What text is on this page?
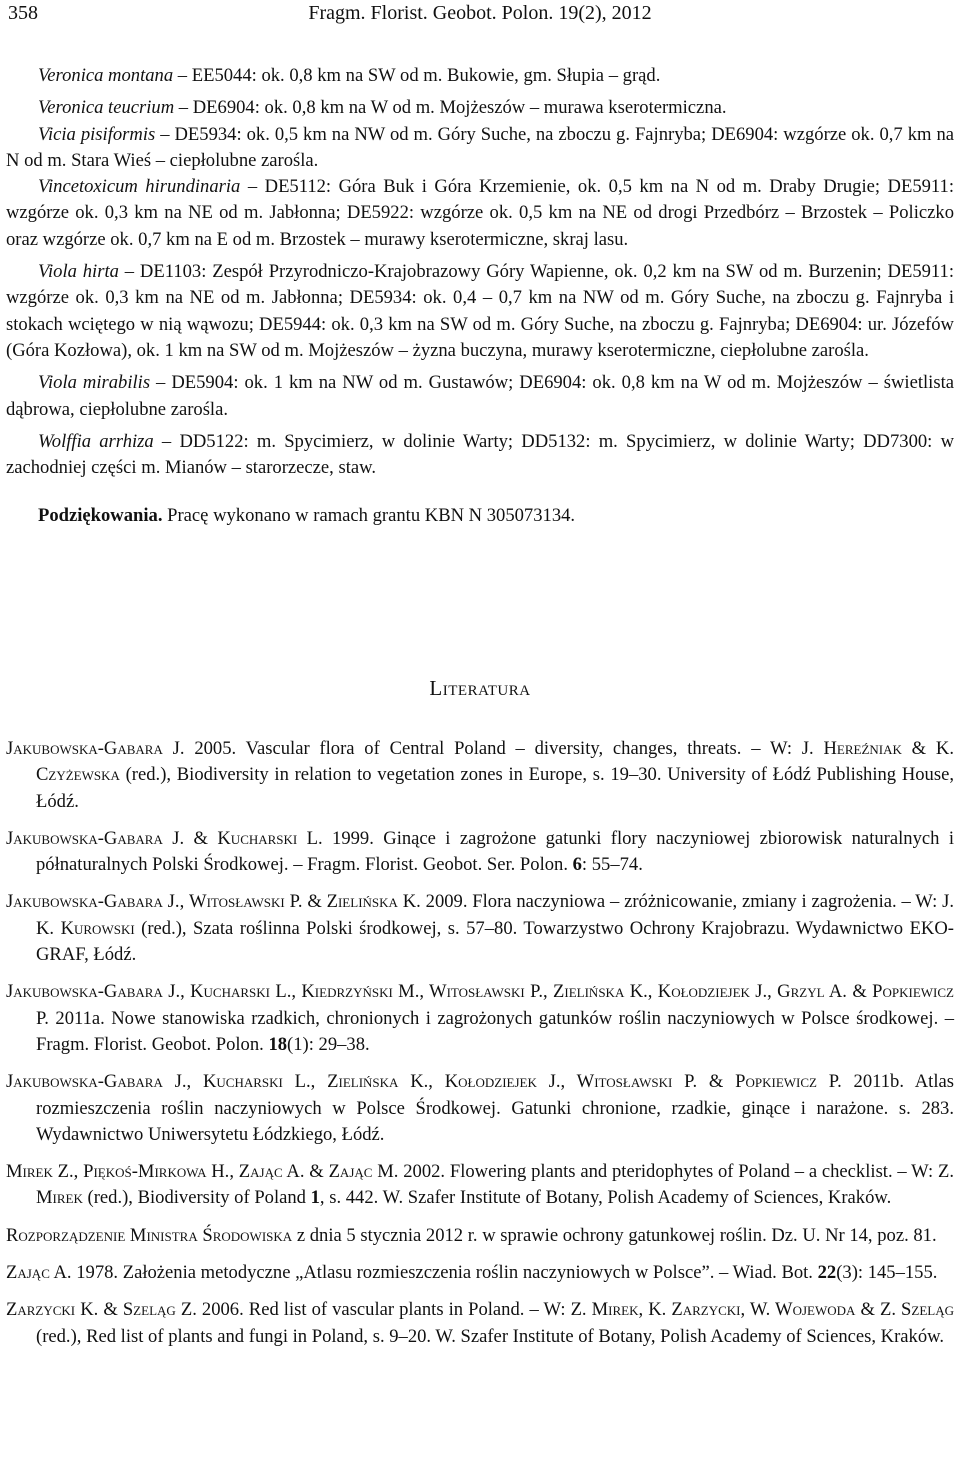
358	Fragm. Florist. Geobot. Polon. 19(2), 2012

Veronica montana – EE5044: ok. 0,8 km na SW od m. Bukowie, gm. Słupia – grąd.

Veronica teucrium – DE6904: ok. 0,8 km na W od m. Mojżeszów – murawa kserotermiczna.

Vicia pisiformis – DE5934: ok. 0,5 km na NW od m. Góry Suche, na zboczu g. Fajnryba; DE6904: wzgórze ok. 0,7 km na N od m. Stara Wieś – ciepłolubne zarośla.

Vincetoxicum hirundinaria – DE5112: Góra Buk i Góra Krzemienie, ok. 0,5 km na N od m. Draby Drugie; DE5911: wzgórze ok. 0,3 km na NE od m. Jabłonna; DE5922: wzgórze ok. 0,5 km na NE od drogi Przedbórz – Brzostek – Policzko oraz wzgórze ok. 0,7 km na E od m. Brzostek – murawy kserotermiczne, skraj lasu.

Viola hirta – DE1103: Zespół Przyrodniczo-Krajobrazowy Góry Wapienne, ok. 0,2 km na SW od m. Burzenin; DE5911: wzgórze ok. 0,3 km na NE od m. Jabłonna; DE5934: ok. 0,4 – 0,7 km na NW od m. Góry Suche, na zboczu g. Fajnryba i stokach wciętego w nią wąwozu; DE5944: ok. 0,3 km na SW od m. Góry Suche, na zboczu g. Fajnryba; DE6904: ur. Józefów (Góra Kozłowa), ok. 1 km na SW od m. Mojżeszów – żyzna buczyna, murawy kserotermiczne, ciepłolubne zarośla.

Viola mirabilis – DE5904: ok. 1 km na NW od m. Gustawów; DE6904: ok. 0,8 km na W od m. Mojżeszów – świetlista dąbrowa, ciepłolubne zarośla.

Wolffia arrhiza – DD5122: m. Spycimierz, w dolinie Warty; DD5132: m. Spycimierz, w dolinie Warty; DD7300: w zachodniej części m. Mianów – starorzecze, staw.

Podziękowania. Pracę wykonano w ramach grantu KBN N 305073134.

Literatura

Jakubowska-Gabara J. 2005. Vascular flora of Central Poland – diversity, changes, threats. – W: J. Hereźniak & K. Czyżewska (red.), Biodiversity in relation to vegetation zones in Europe, s. 19–30. University of Łódź Publishing House, Łódź.

Jakubowska-Gabara J. & Kucharski L. 1999. Ginące i zagrożone gatunki flory naczyniowej zbiorowisk naturalnych i półnaturalnych Polski Środkowej. – Fragm. Florist. Geobot. Ser. Polon. 6: 55–74.

Jakubowska-Gabara J., Witosławski P. & Zielińska K. 2009. Flora naczyniowa – zróżnicowanie, zmiany i zagrożenia. – W: J. K. Kurowski (red.), Szata roślinna Polski środkowej, s. 57–80. Towarzystwo Ochrony Krajobrazu. Wydawnictwo EKO-GRAF, Łódź.

Jakubowska-Gabara J., Kucharski L., Kiedrzyński M., Witosławski P., Zielińska K., Kołodziejek J., Grzyl A. & Popkiewicz P. 2011a. Nowe stanowiska rzadkich, chronionych i zagrożonych gatunków roślin naczyniowych w Polsce środkowej. – Fragm. Florist. Geobot. Polon. 18(1): 29–38.

Jakubowska-Gabara J., Kucharski L., Zielińska K., Kołodziejek J., Witosławski P. & Popkiewicz P. 2011b. Atlas rozmieszczenia roślin naczyniowych w Polsce Środkowej. Gatunki chronione, rzadkie, ginące i narażone. s. 283. Wydawnictwo Uniwersytetu Łódzkiego, Łódź.

Mirek Z., Piękoś-Mirkowa H., Zając A. & Zając M. 2002. Flowering plants and pteridophytes of Poland – a checklist. – W: Z. Mirek (red.), Biodiversity of Poland 1, s. 442. W. Szafer Institute of Botany, Polish Academy of Sciences, Kraków.

Rozporządzenie Ministra Środowiska z dnia 5 stycznia 2012 r. w sprawie ochrony gatunkowej roślin. Dz. U. Nr 14, poz. 81.

Zając A. 1978. Założenia metodyczne „Atlasu rozmieszczenia roślin naczyniowych w Polsce”. – Wiad. Bot. 22(3): 145–155.

Zarzycki K. & Szeląg Z. 2006. Red list of vascular plants in Poland. – W: Z. Mirek, K. Zarzycki, W. Wojewoda & Z. Szeląg (red.), Red list of plants and fungi in Poland, s. 9–20. W. Szafer Institute of Botany, Polish Academy of Sciences, Kraków.
